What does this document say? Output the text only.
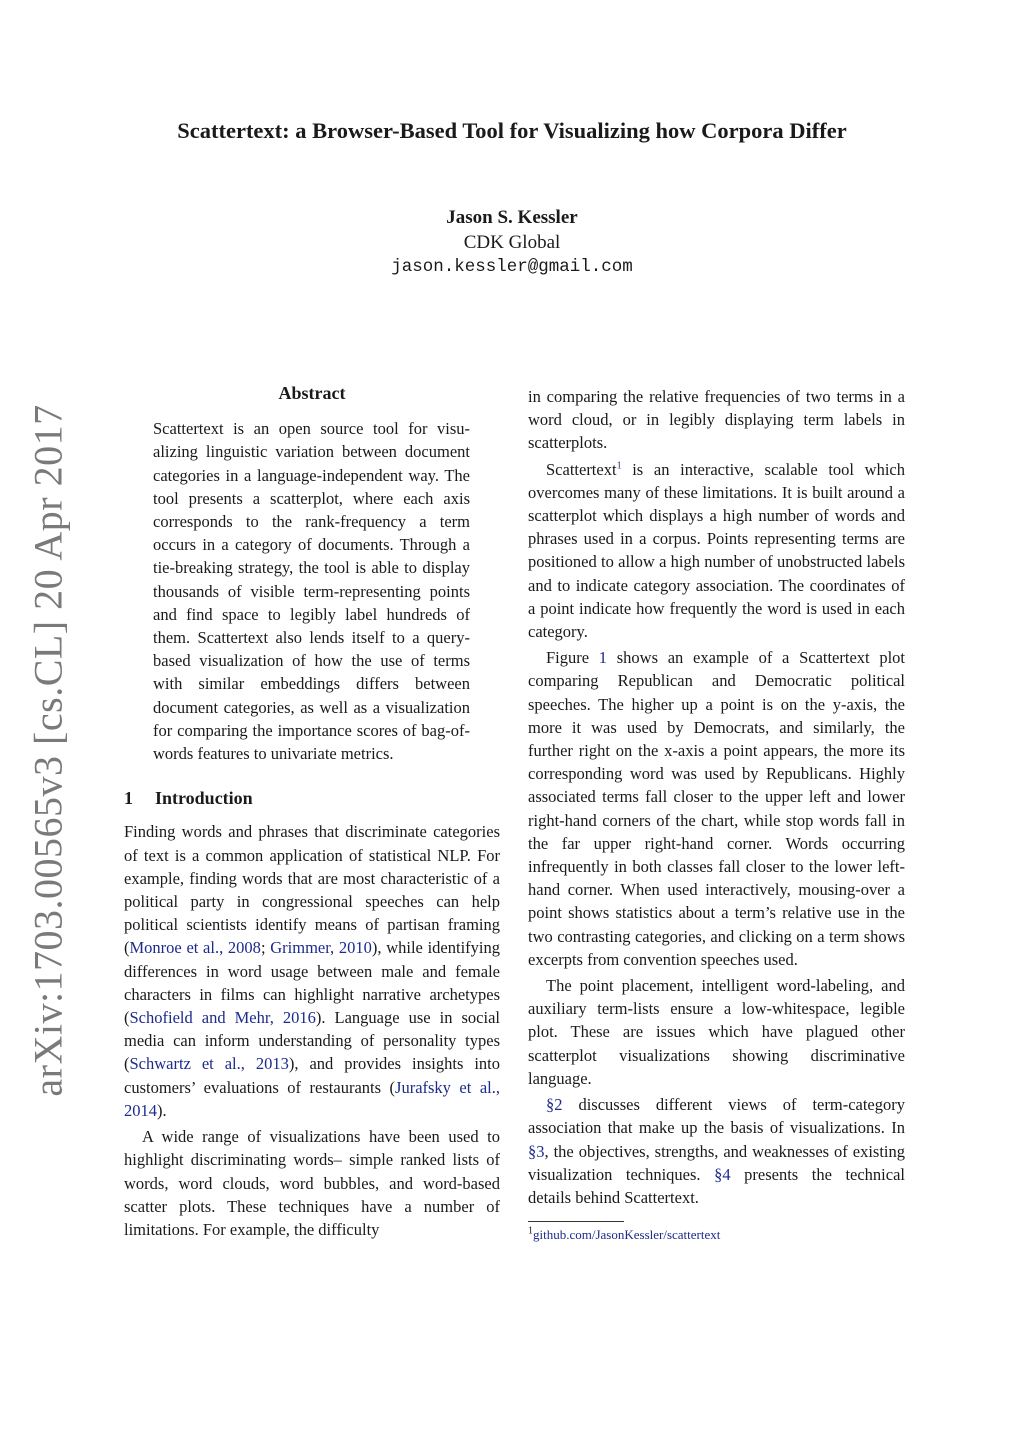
arXiv:1703.00565v3 [cs.CL] 20 Apr 2017
Scattertext: a Browser-Based Tool for Visualizing how Corpora Differ
Jason S. Kessler
CDK Global
jason.kessler@gmail.com
Abstract

Scattertext is an open source tool for visualizing linguistic variation between document categories in a language-independent way. The tool presents a scatterplot, where each axis corresponds to the rank-frequency a term occurs in a category of documents. Through a tie-breaking strategy, the tool is able to display thousands of visible term-representing points and find space to legibly label hundreds of them. Scattertext also lends itself to a query-based visualization of how the use of terms with similar embeddings differs between document categories, as well as a visualization for comparing the importance scores of bag-of-words features to univariate metrics.

1 Introduction

Finding words and phrases that discriminate categories of text is a common application of statistical NLP. For example, finding words that are most characteristic of a political party in congressional speeches can help political scientists identify means of partisan framing (Monroe et al., 2008; Grimmer, 2010), while identifying differences in word usage between male and female characters in films can highlight narrative archetypes (Schofield and Mehr, 2016). Language use in social media can inform understanding of personality types (Schwartz et al., 2013), and provides insights into customers’ evaluations of restaurants (Jurafsky et al., 2014).

A wide range of visualizations have been used to highlight discriminating words– simple ranked lists of words, word clouds, word bubbles, and word-based scatter plots. These techniques have a number of limitations. For example, the difficulty

in comparing the relative frequencies of two terms in a word cloud, or in legibly displaying term labels in scatterplots.

Scattertext$^1$ is an interactive, scalable tool which overcomes many of these limitations. It is built around a scatterplot which displays a high number of words and phrases used in a corpus. Points representing terms are positioned to allow a high number of unobstructed labels and to indicate category association. The coordinates of a point indicate how frequently the word is used in each category.

Figure 1 shows an example of a Scattertext plot comparing Republican and Democratic political speeches. The higher up a point is on the y-axis, the more it was used by Democrats, and similarly, the further right on the x-axis a point appears, the more its corresponding word was used by Republicans. Highly associated terms fall closer to the upper left and lower right-hand corners of the chart, while stop words fall in the far upper right-hand corner. Words occurring infrequently in both classes fall closer to the lower left-hand corner. When used interactively, mousing-over a point shows statistics about a term’s relative use in the two contrasting categories, and clicking on a term shows excerpts from convention speeches used.

The point placement, intelligent word-labeling, and auxiliary term-lists ensure a low-whitespace, legible plot. These are issues which have plagued other scatterplot visualizations showing discriminative language.

§2 discusses different views of term-category association that make up the basis of visualizations. In §3, the objectives, strengths, and weaknesses of existing visualization techniques. §4 presents the technical details behind Scattertext.

$^1$github.com/JasonKessler/scattertext
